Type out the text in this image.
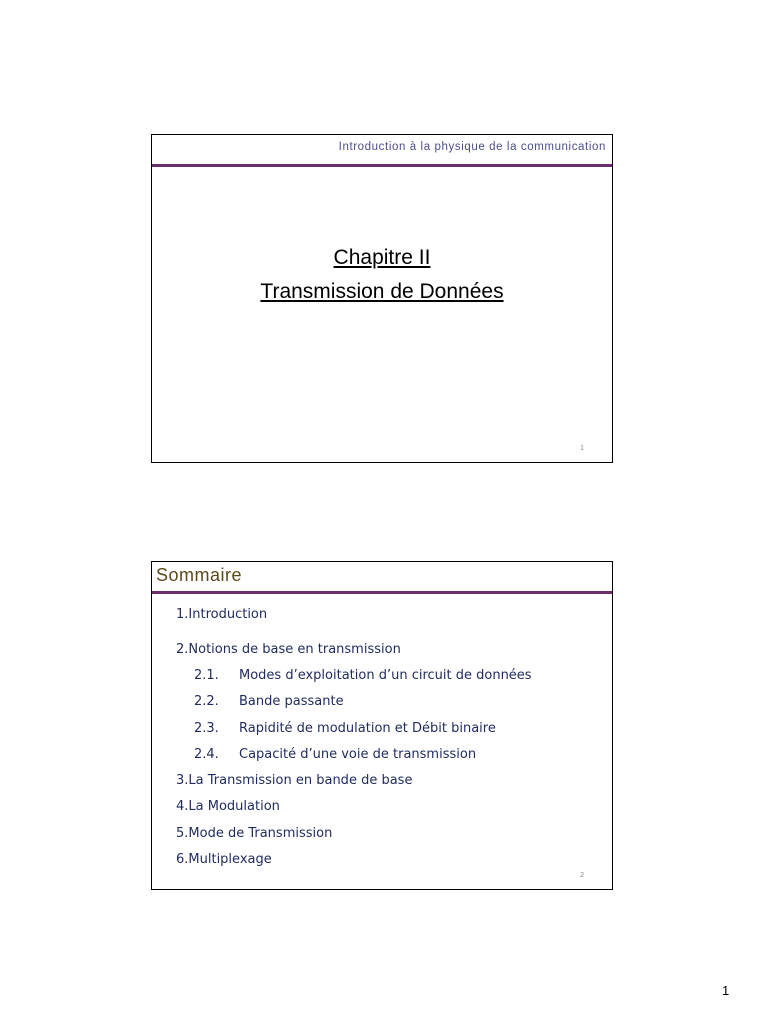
Introduction à la physique de la communication
Chapitre II
Transmission de Données
1
Sommaire
1.Introduction
2.Notions de base en transmission
2.1. Modes d’exploitation d’un circuit de données
2.2. Bande passante
2.3. Rapidité de modulation et Débit binaire
2.4. Capacité d’une voie de transmission
3.La Transmission en bande de base
4.La Modulation
5.Mode de Transmission
6.Multiplexage
2
1
